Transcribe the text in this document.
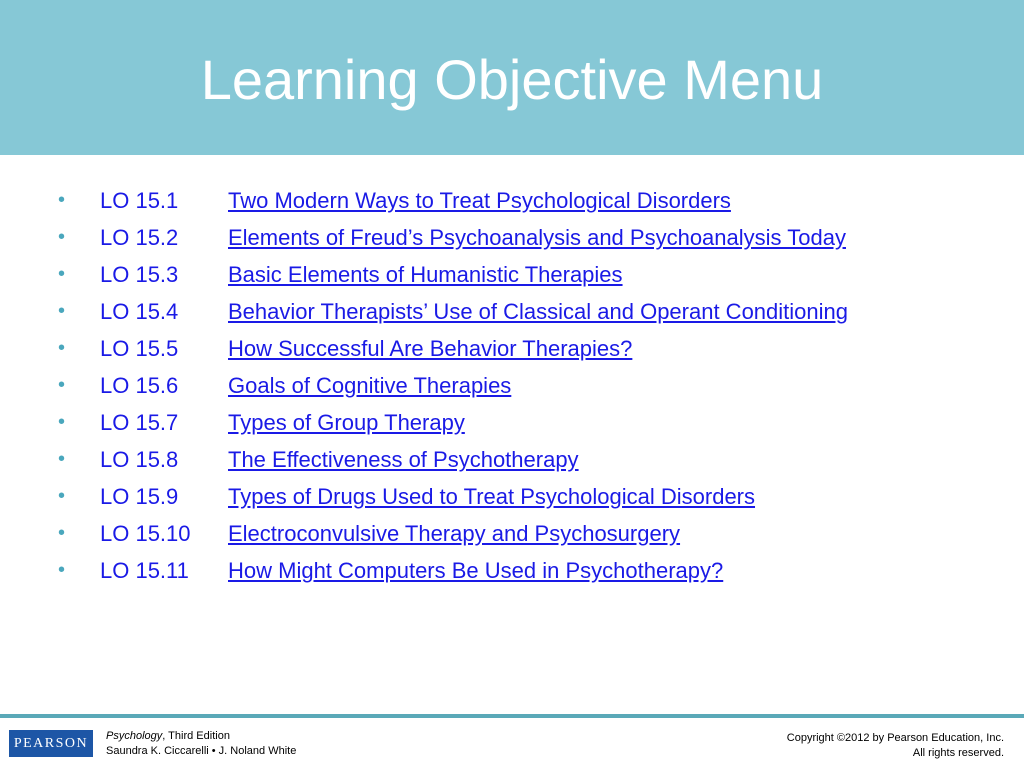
Learning Objective Menu
•	LO 15.1 Two Modern Ways to Treat Psychological Disorders
•	LO 15.2 Elements of Freud’s Psychoanalysis and Psychoanalysis Today
•	LO 15.3 Basic Elements of Humanistic Therapies
•	LO 15.4 Behavior Therapists’ Use of Classical and Operant Conditioning
•	LO 15.5 How Successful Are Behavior Therapies?
•	LO 15.6 Goals of Cognitive Therapies
•	LO 15.7 Types of Group Therapy
•	LO 15.8 The Effectiveness of Psychotherapy
•	LO 15.9 Types of Drugs Used to Treat Psychological Disorders
•	LO 15.10 Electroconvulsive Therapy and Psychosurgery
•	LO 15.11 How Might Computers Be Used in Psychotherapy?
PEARSON	Psychology, Third Edition
Saundra K. Ciccarelli • J. Noland White
Copyright ©2012 by Pearson Education, Inc.
All rights reserved.
